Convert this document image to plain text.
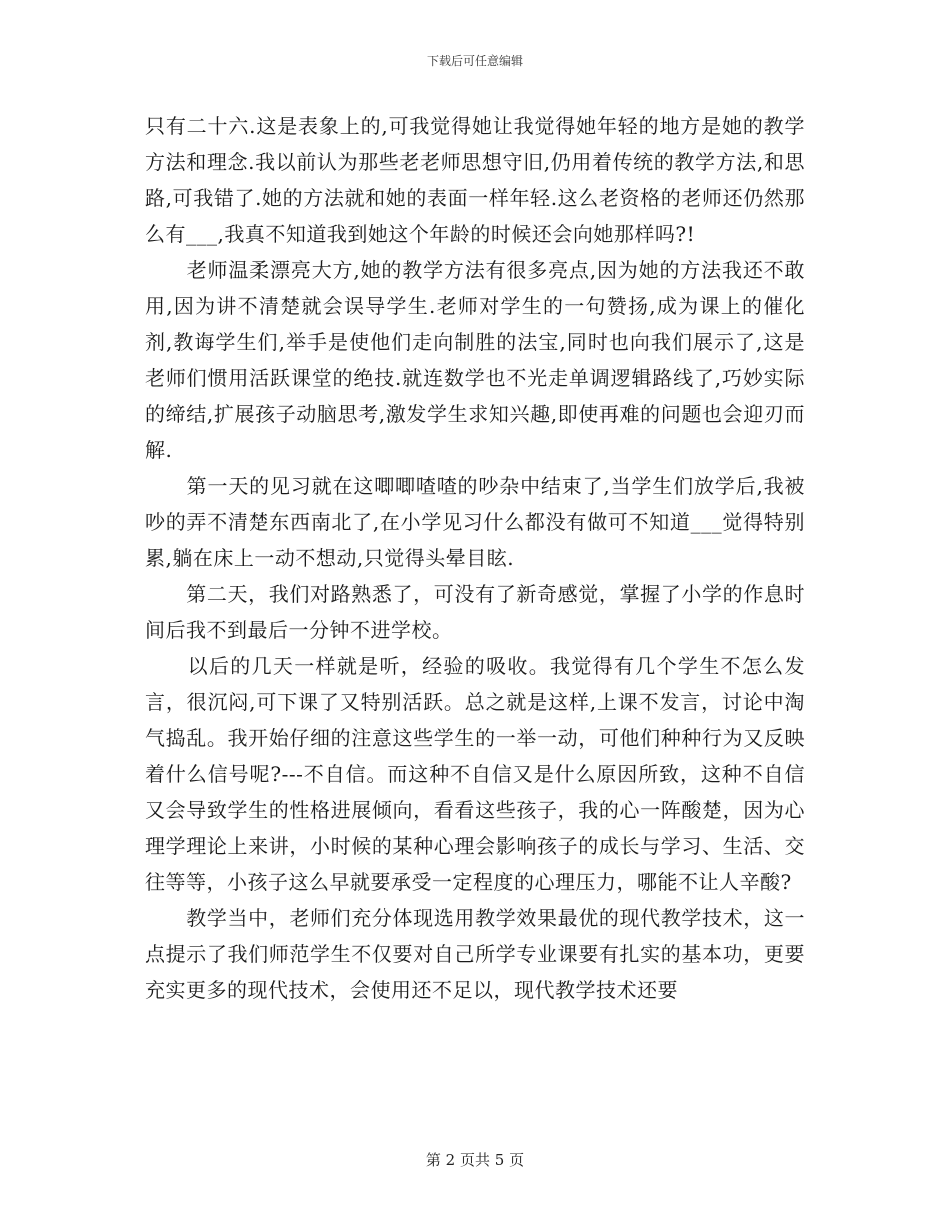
下载后可任意编辑

只有二十六.这是表象上的,可我觉得她让我觉得她年轻的地方是她的教学方法和理念.我以前认为那些老老师思想守旧,仍用着传统的教学方法,和思路,可我错了.她的方法就和她的表面一样年轻.这么老资格的老师还仍然那么有___,我真不知道我到她这个年龄的时候还会向她那样吗?!

　　老师温柔漂亮大方,她的教学方法有很多亮点,因为她的方法我还不敢用,因为讲不清楚就会误导学生.老师对学生的一句赞扬,成为课上的催化剂,教诲学生们,举手是使他们走向制胜的法宝,同时也向我们展示了,这是老师们惯用活跃课堂的绝技.就连数学也不光走单调逻辑路线了,巧妙实际的缔结,扩展孩子动脑思考,激发学生求知兴趣,即使再难的问题也会迎刃而解.

　　第一天的见习就在这唧唧喳喳的吵杂中结束了,当学生们放学后,我被吵的弄不清楚东西南北了,在小学见习什么都没有做可不知道___觉得特别累,躺在床上一动不想动,只觉得头晕目眩.

　　第二天，我们对路熟悉了，可没有了新奇感觉，掌握了小学的作息时间后我不到最后一分钟不进学校。

　　以后的几天一样就是听，经验的吸收。我觉得有几个学生不怎么发言，很沉闷,可下课了又特别活跃。总之就是这样,上课不发言，讨论中淘气捣乱。我开始仔细的注意这些学生的一举一动，可他们种种行为又反映着什么信号呢?---不自信。而这种不自信又是什么原因所致，这种不自信又会导致学生的性格进展倾向，看看这些孩子，我的心一阵酸楚，因为心理学理论上来讲，小时候的某种心理会影响孩子的成长与学习、生活、交往等等，小孩子这么早就要承受一定程度的心理压力，哪能不让人辛酸?

　　教学当中，老师们充分体现选用教学效果最优的现代教学技术，这一点提示了我们师范学生不仅要对自己所学专业课要有扎实的基本功，更要充实更多的现代技术，会使用还不足以，现代教学技术还要

第 2 页共 5 页
